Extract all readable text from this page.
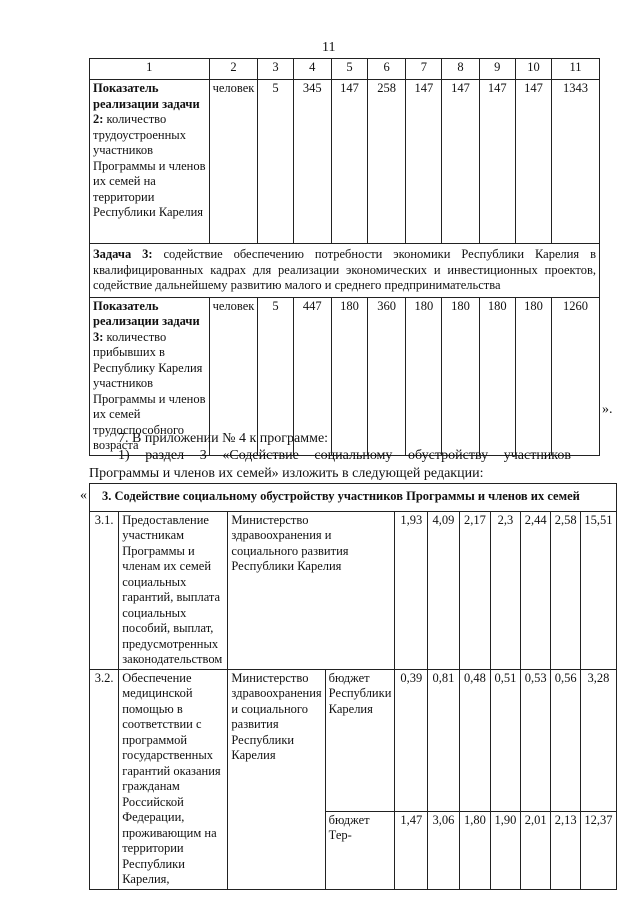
11
1	2	3	4	5	6	7	8	9	10	11
Показатель реализации задачи 2: количество трудоустроенных участников Программы и членов их семей на территории Республики Карелия	человек	5	345	147	258	147	147	147	147	1343
Задача 3: содействие обеспечению потребности экономики Республики Карелия в квалифицированных кадрах для реализации экономических и инвестиционных проектов, содействие дальнейшему развитию малого и среднего предпринимательства										
Показатель реализации задачи 3: количество прибывших в Республику Карелия участников Программы и членов их семей трудоспособного возраста	человек	5	447	180	360	180	180	180	180	1260
».
7. В приложении № 4 к программе:
1) раздел 3 «Содействие социальному обустройству участников Программы и членов их семей» изложить в следующей редакции:
« 3. Содействие социальному обустройству участников Программы и членов их семей										
3.1.	Предоставление участникам Программы и членам их семей социальных гарантий, выплата социальных пособий, выплат, предусмотренных законодательством	Министерство здравоохранения и социального развития Республики Карелия		1,93	4,09	2,17	2,3	2,44	2,58	15,51
3.2.	Обеспечение медицинской помощью в соответствии с программой государственных гарантий оказания гражданам Российской Федерации, проживающим на территории Республики Карелия,	Министерство здравоохранения и социального развития Республики Карелия	бюджет Республики Карелия	0,39	0,81	0,48	0,51	0,53	0,56	3,28
			бюджет Тер-	1,47	3,06	1,80	1,90	2,01	2,13	12,37
